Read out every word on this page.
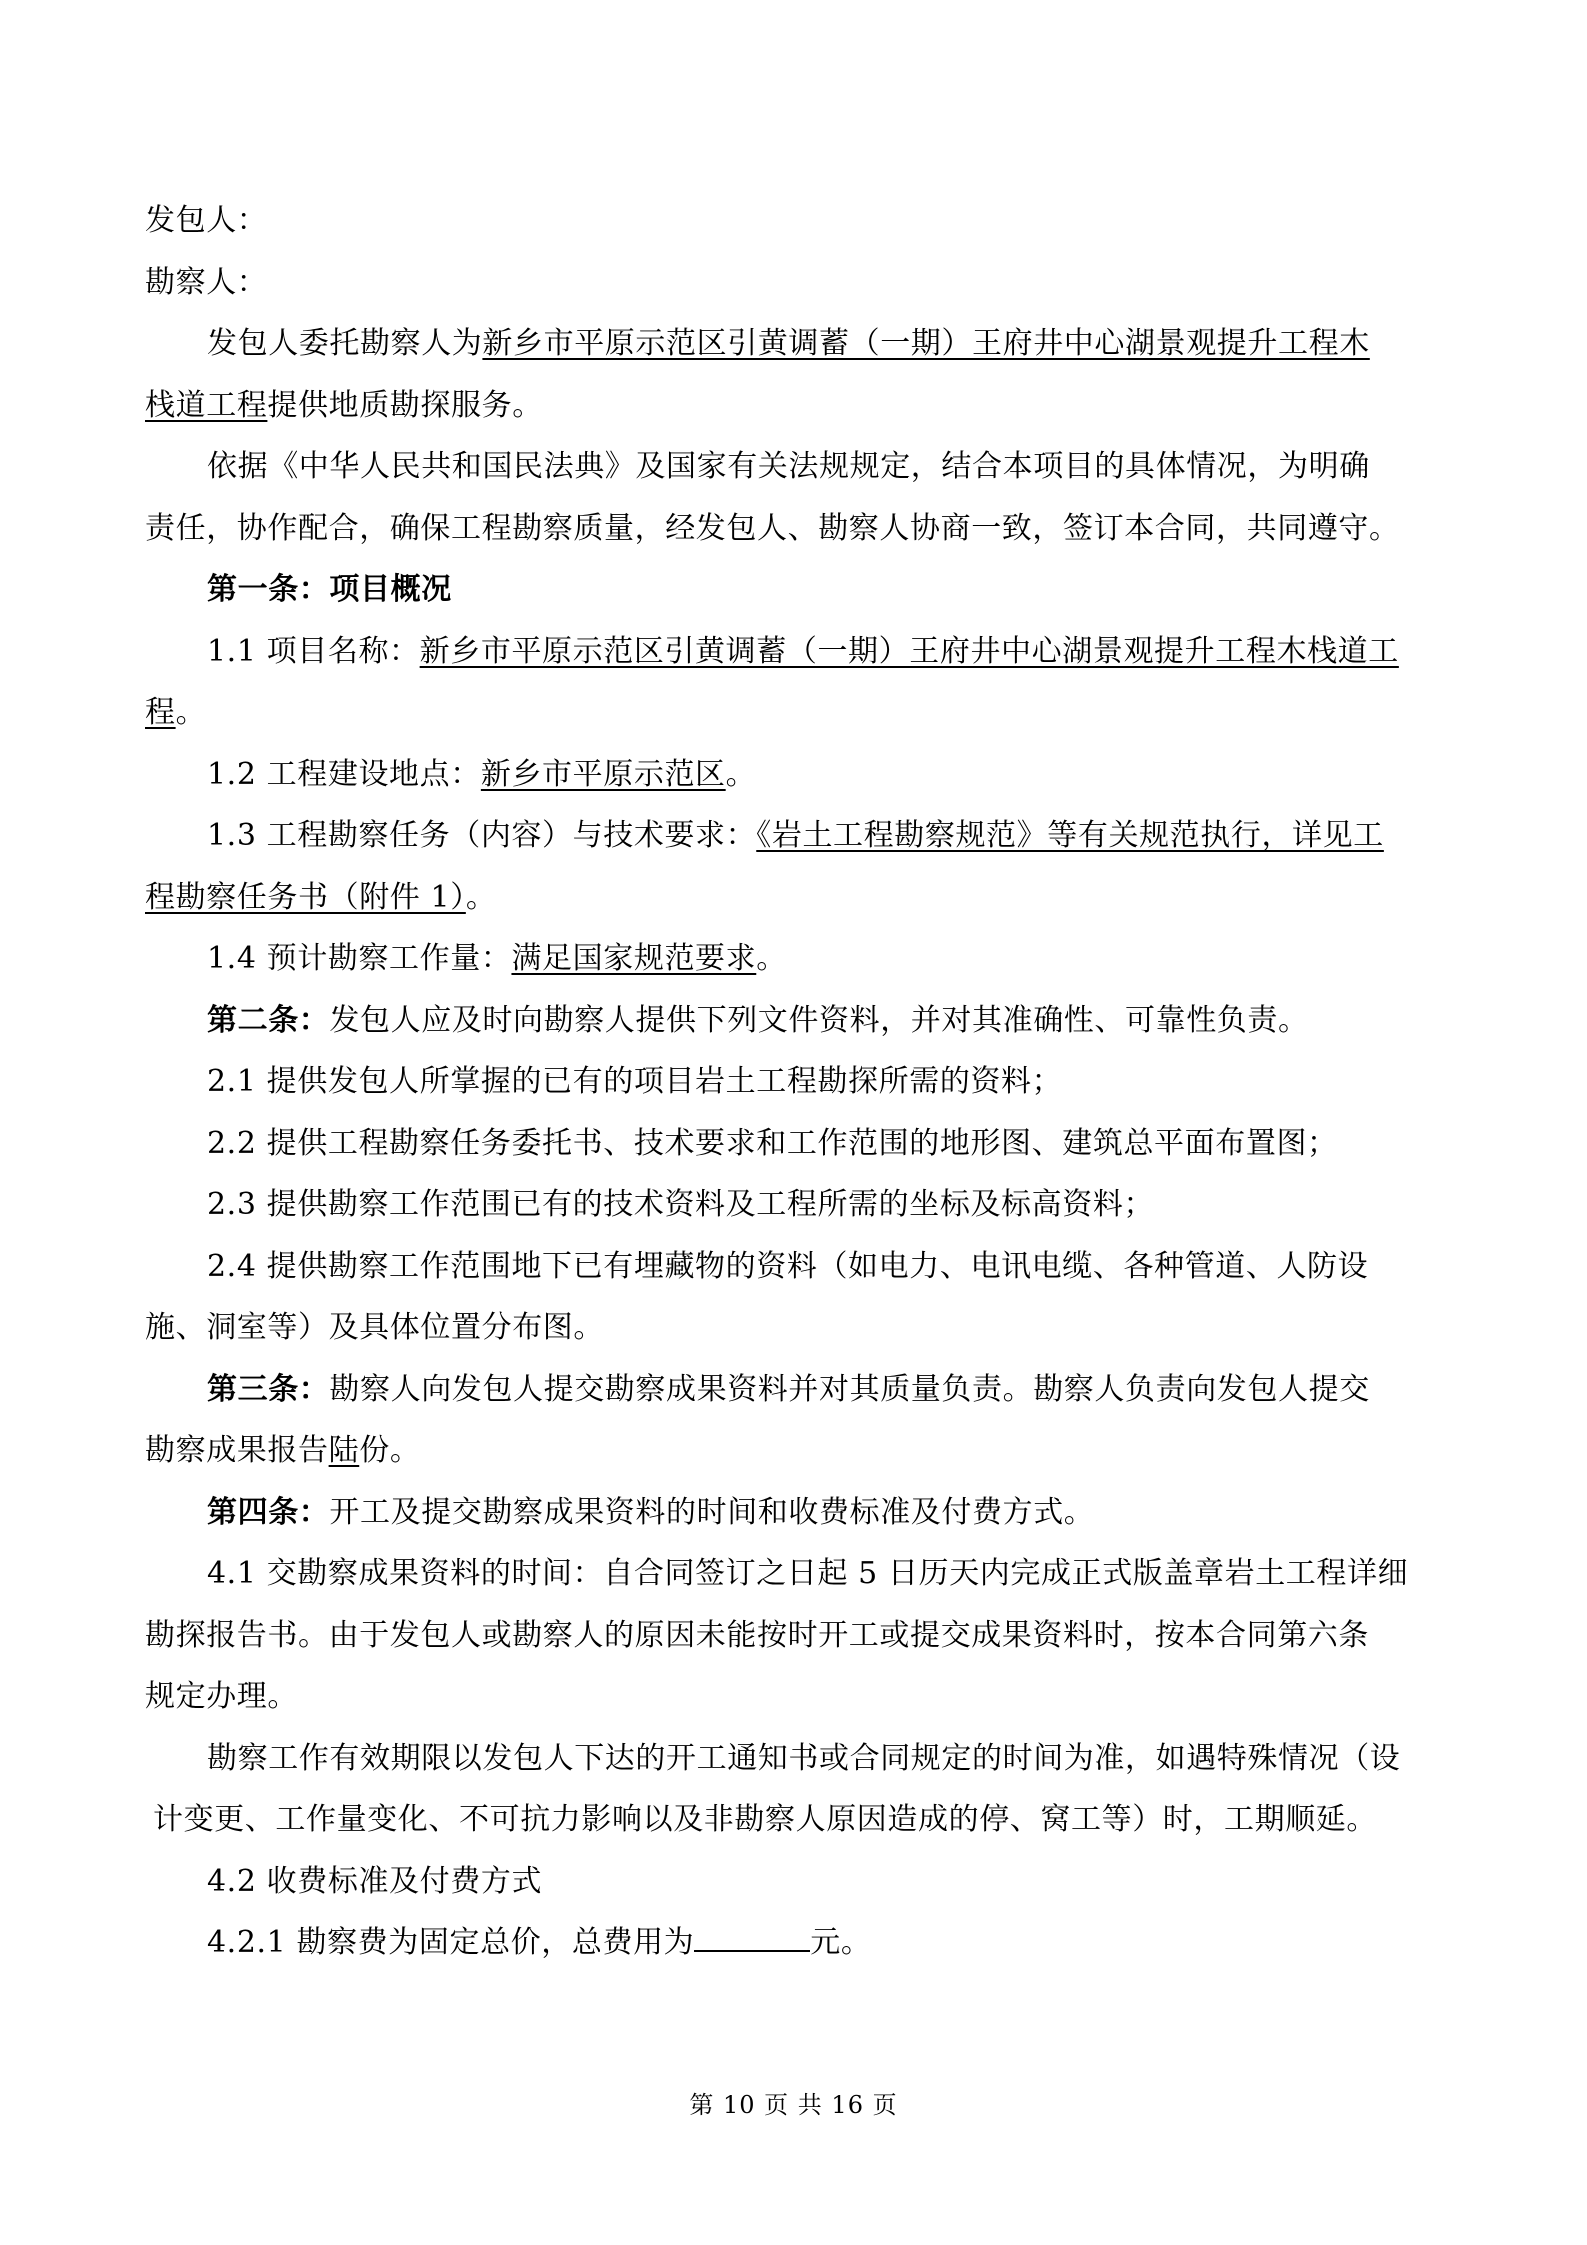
发包人：
勘察人：
发包人委托勘察人为新乡市平原示范区引黄调蓄（一期）王府井中心湖景观提升工程木
栈道工程提供地质勘探服务。
依据《中华人民共和国民法典》及国家有关法规规定，结合本项目的具体情况，为明确
责任，协作配合，确保工程勘察质量，经发包人、勘察人协商一致，签订本合同，共同遵守。
第一条：项目概况
1.1 项目名称：新乡市平原示范区引黄调蓄（一期）王府井中心湖景观提升工程木栈道工
程。
1.2 工程建设地点：新乡市平原示范区。
1.3 工程勘察任务（内容）与技术要求：《岩土工程勘察规范》等有关规范执行，详见工
程勘察任务书（附件 1）。
1.4 预计勘察工作量：满足国家规范要求。
第二条：发包人应及时向勘察人提供下列文件资料，并对其准确性、可靠性负责。
2.1 提供发包人所掌握的已有的项目岩土工程勘探所需的资料；
2.2 提供工程勘察任务委托书、技术要求和工作范围的地形图、建筑总平面布置图；
2.3 提供勘察工作范围已有的技术资料及工程所需的坐标及标高资料；
2.4 提供勘察工作范围地下已有埋藏物的资料（如电力、电讯电缆、各种管道、人防设
施、洞室等）及具体位置分布图。
第三条：勘察人向发包人提交勘察成果资料并对其质量负责。勘察人负责向发包人提交
勘察成果报告陆份。
第四条：开工及提交勘察成果资料的时间和收费标准及付费方式。
4.1 交勘察成果资料的时间：自合同签订之日起 5 日历天内完成正式版盖章岩土工程详细
勘探报告书。由于发包人或勘察人的原因未能按时开工或提交成果资料时，按本合同第六条
规定办理。
勘察工作有效期限以发包人下达的开工通知书或合同规定的时间为准，如遇特殊情况（设
计变更、工作量变化、不可抗力影响以及非勘察人原因造成的停、窝工等）时，工期顺延。
4.2 收费标准及付费方式
4.2.1 勘察费为固定总价，总费用为	元。
第 10 页 共 16 页
